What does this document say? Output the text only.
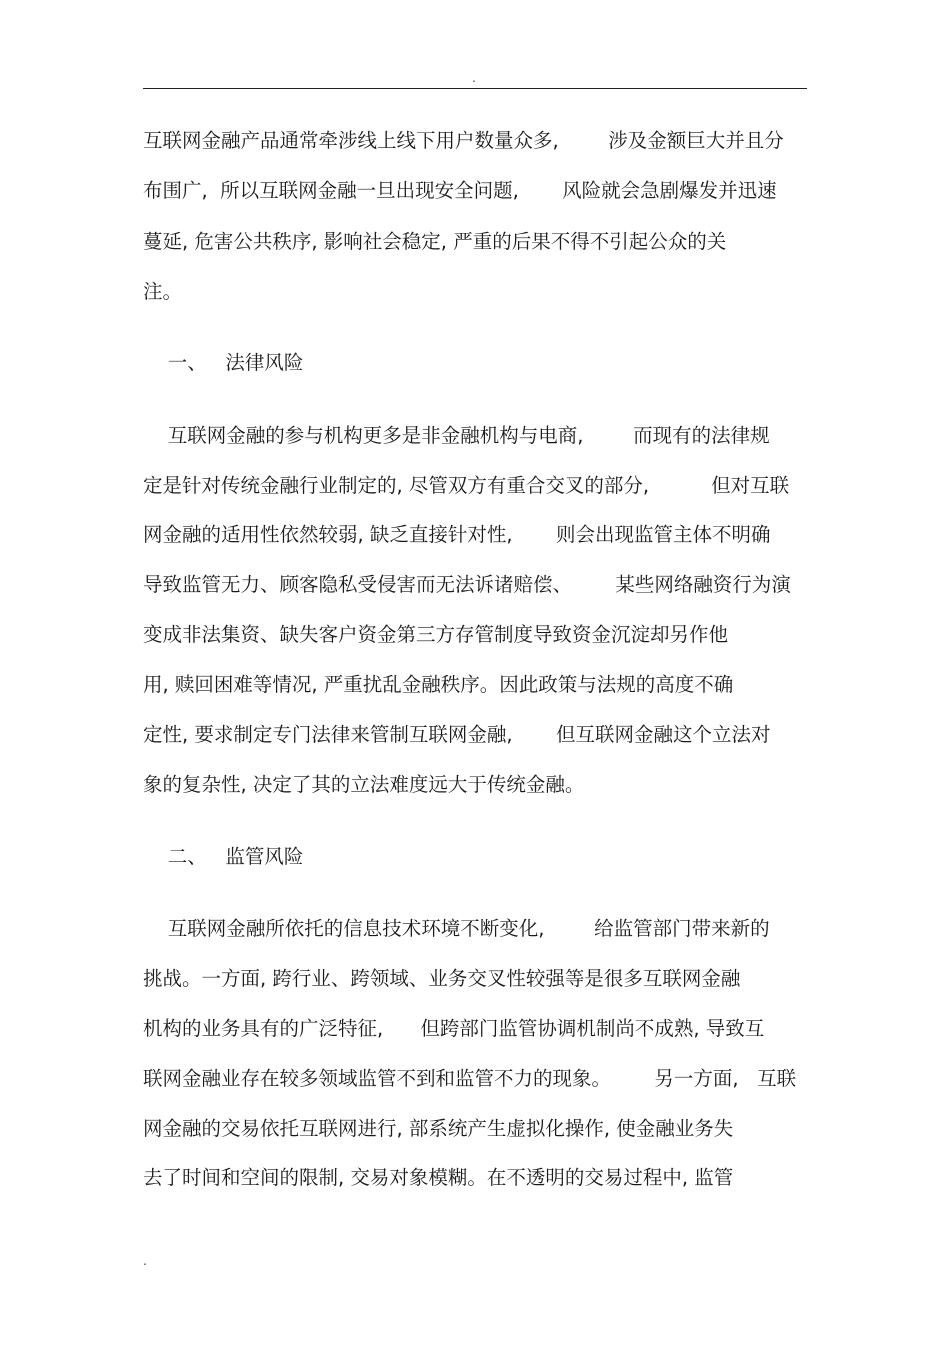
.
互联网金融产品通常牵涉线上线下用户数量众多,        涉及金额巨大并且分
布围广,  所以互联网金融一旦出现安全问题,       风险就会急剧爆发并迅速
蔓延, 危害公共秩序, 影响社会稳定, 严重的后果不得不引起公众的关
注。
一、   法律风险
互联网金融的参与机构更多是非金融机构与电商,        而现有的法律规
定是针对传统金融行业制定的, 尽管双方有重合交叉的部分,          但对互联
网金融的适用性依然较弱, 缺乏直接针对性,       则会出现监管主体不明确
导致监管无力、顾客隐私受侵害而无法诉诸赔偿、       某些网络融资行为演
变成非法集资、缺失客户资金第三方存管制度导致资金沉淀却另作他
用, 赎回困难等情况, 严重扰乱金融秩序。因此政策与法规的高度不确
定性, 要求制定专门法律来管制互联网金融,       但互联网金融这个立法对
象的复杂性, 决定了其的立法难度远大于传统金融。
二、   监管风险
互联网金融所依托的信息技术环境不断变化,        给监管部门带来新的
挑战。一方面, 跨行业、跨领域、业务交叉性较强等是很多互联网金融
机构的业务具有的广泛特征,      但跨部门监管协调机制尚不成熟, 导致互
联网金融业存在较多领域监管不到和监管不力的现象。       另一方面,   互联
网金融的交易依托互联网进行, 部系统产生虚拟化操作, 使金融业务失
去了时间和空间的限制, 交易对象模糊。在不透明的交易过程中, 监管
.
